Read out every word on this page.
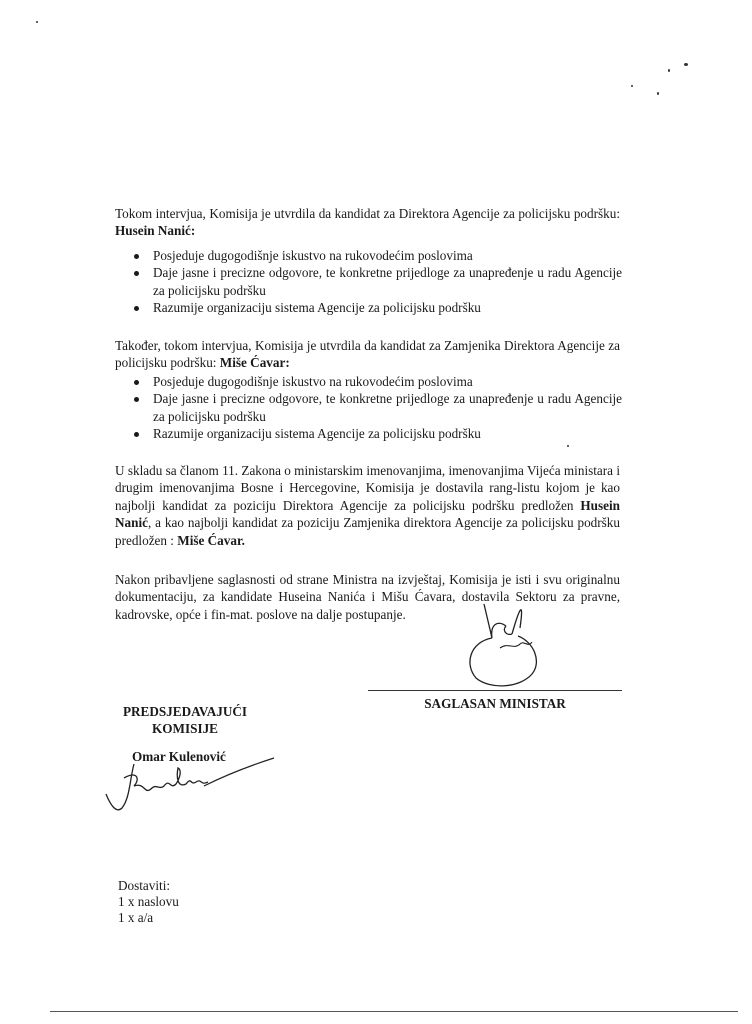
Tokom intervjua, Komisija je utvrdila da kandidat za Direktora Agencije za policijsku podršku: Husein Nanić:

Posjeduje dugogodišnje iskustvo na rukovodećim poslovima
Daje jasne i precizne odgovore, te konkretne prijedloge za unapređenje u radu Agencije za policijsku podršku
Razumije organizaciju sistema Agencije za policijsku podršku

Također, tokom intervjua, Komisija je utvrdila da kandidat za Zamjenika Direktora Agencije za policijsku podršku: Miše Ćavar:

Posjeduje dugogodišnje iskustvo na rukovodećim poslovima
Daje jasne i precizne odgovore, te konkretne prijedloge za unapređenje u radu Agencije za policijsku podršku
Razumije organizaciju sistema Agencije za policijsku podršku

U skladu sa članom 11. Zakona o ministarskim imenovanjima, imenovanjima Vijeća ministara i drugim imenovanjima Bosne i Hercegovine, Komisija je dostavila rang-listu kojom je kao najbolji kandidat za poziciju Direktora Agencije za policijsku podršku predložen Husein Nanić, a kao najbolji kandidat za poziciju Zamjenika direktora Agencije za policijsku podršku predložen : Miše Ćavar.

Nakon pribavljene saglasnosti od strane Ministra na izvještaj, Komisija je isti i svu originalnu dokumentaciju, za kandidate Huseina Nanića i Mišu Ćavara, dostavila Sektoru za pravne, kadrovske, opće i fin-mat. poslove na dalje postupanje.

SAGLASAN MINISTAR
PREDSJEDAVAJUĆI
KOMISIJE
Omar Kulenović
Dostaviti:
1 x naslovu
1 x a/a
